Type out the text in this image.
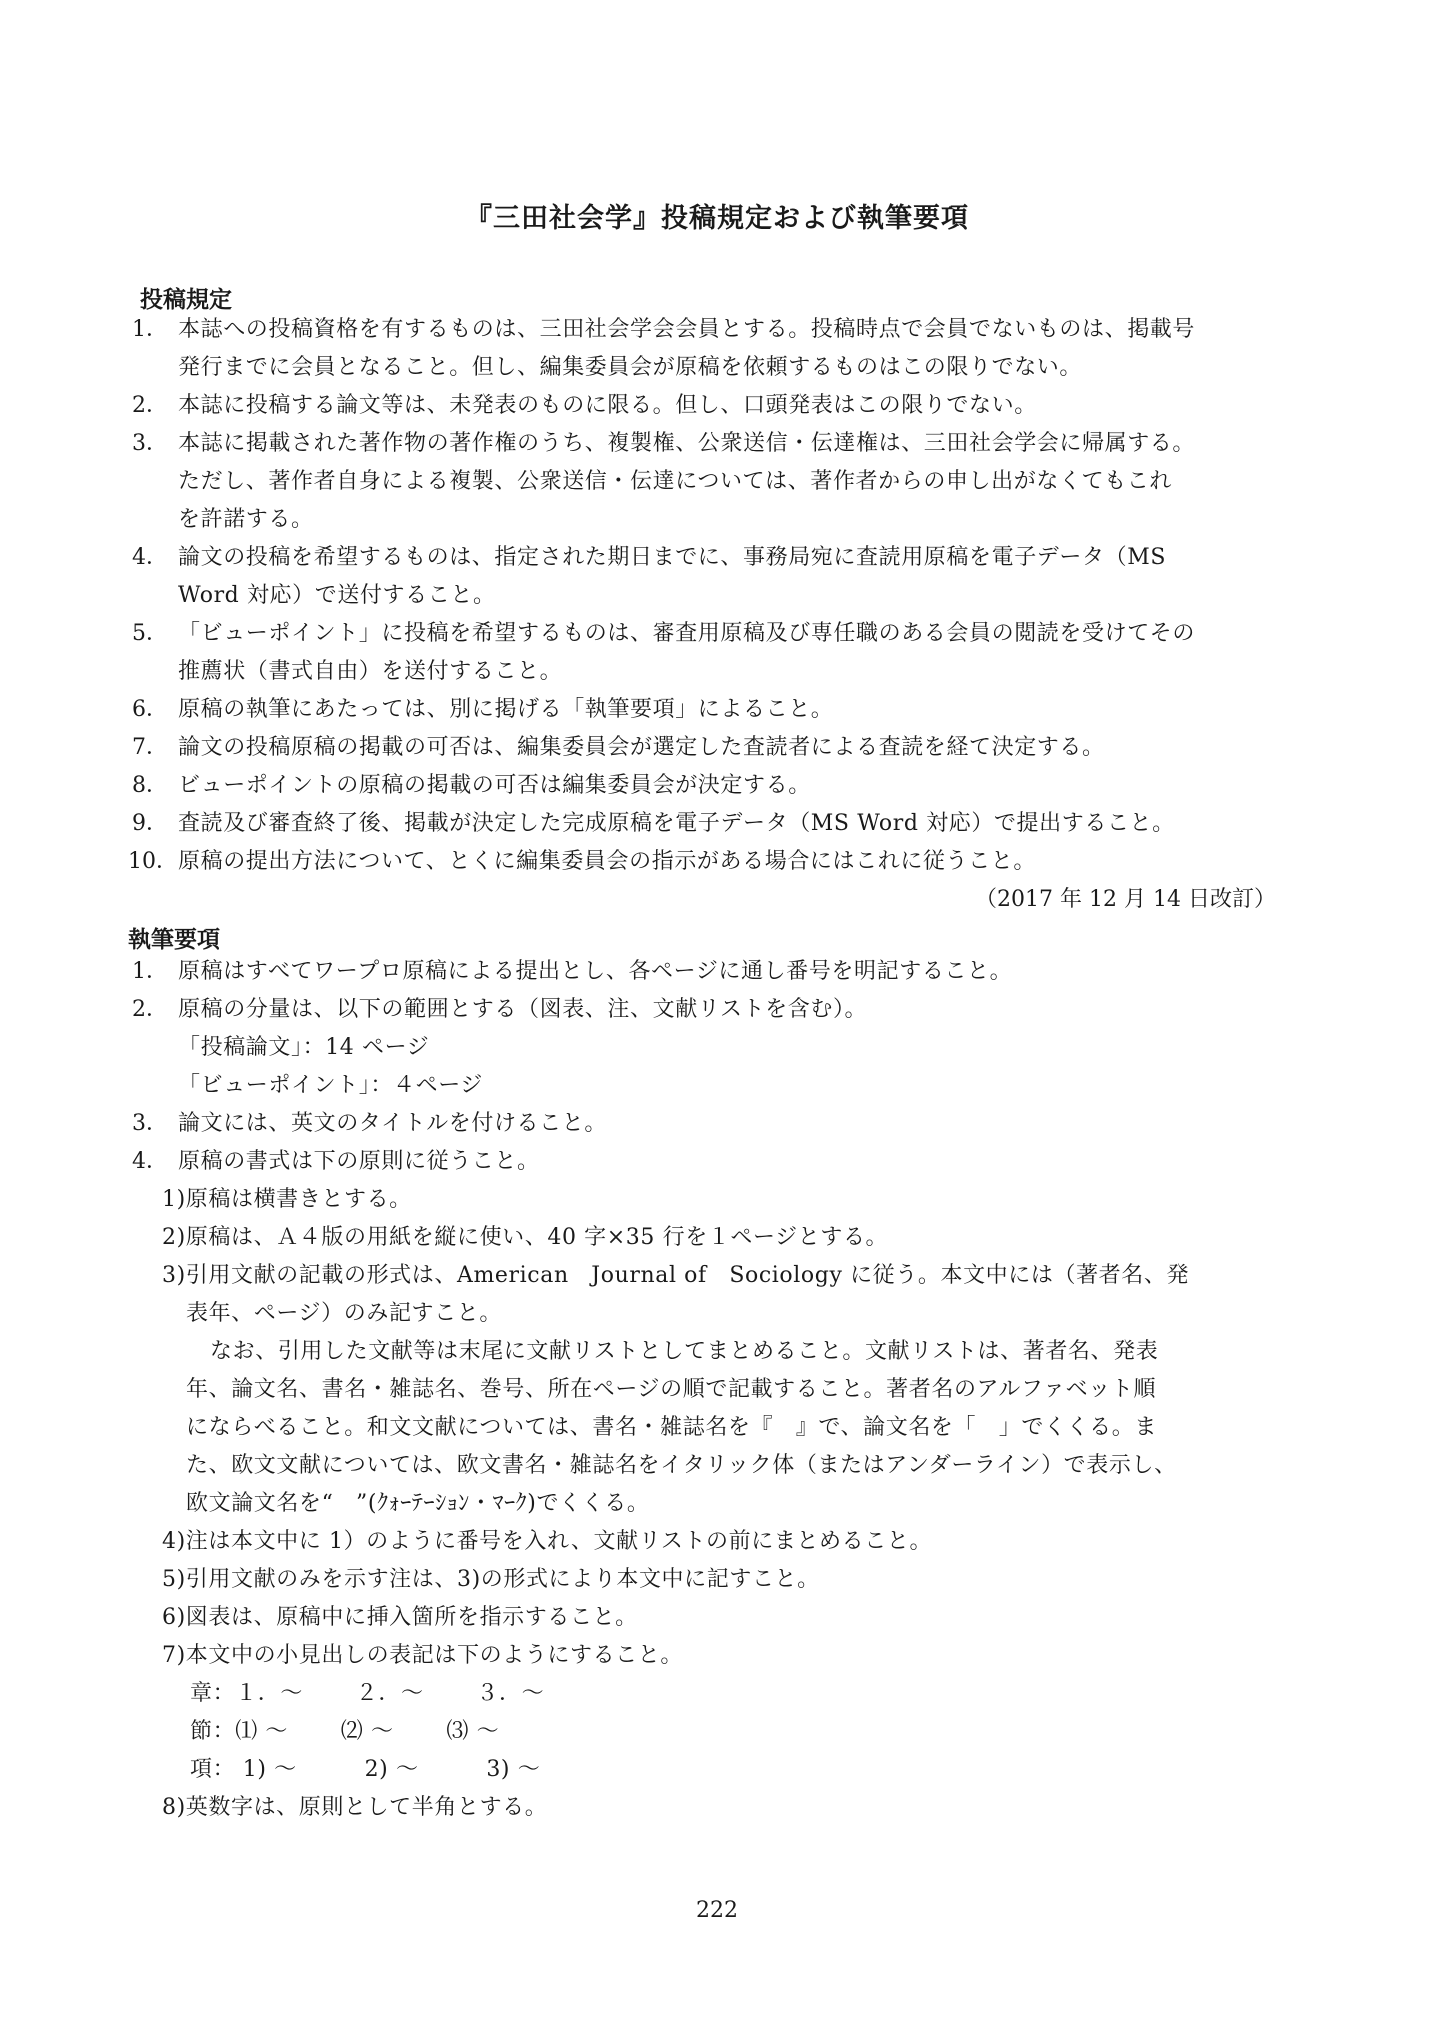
『三田社会学』投稿規定および執筆要項
投稿規定
1． 本誌への投稿資格を有するものは、三田社会学会会員とする。投稿時点で会員でないものは、掲載号
発行までに会員となること。但し、編集委員会が原稿を依頼するものはこの限りでない。
2． 本誌に投稿する論文等は、未発表のものに限る。但し、口頭発表はこの限りでない。
3． 本誌に掲載された著作物の著作権のうち、複製権、公衆送信・伝達権は、三田社会学会に帰属する。
ただし、著作者自身による複製、公衆送信・伝達については、著作者からの申し出がなくてもこれ
を許諾する。
4． 論文の投稿を希望するものは、指定された期日までに、事務局宛に査読用原稿を電子データ（MS
Word 対応）で送付すること。
5． 「ビューポイント」に投稿を希望するものは、審査用原稿及び専任職のある会員の閲読を受けてその
推薦状（書式自由）を送付すること。
6． 原稿の執筆にあたっては、別に掲げる「執筆要項」によること。
7． 論文の投稿原稿の掲載の可否は、編集委員会が選定した査読者による査読を経て決定する。
8． ビューポイントの原稿の掲載の可否は編集委員会が決定する。
9． 査読及び審査終了後、掲載が決定した完成原稿を電子データ（MS Word 対応）で提出すること。
10． 原稿の提出方法について、とくに編集委員会の指示がある場合にはこれに従うこと。
（2017 年 12 月 14 日改訂）
執筆要項
1． 原稿はすべてワープロ原稿による提出とし、各ページに通し番号を明記すること。
2． 原稿の分量は、以下の範囲とする（図表、注、文献リストを含む）。
「投稿論文」：14 ページ
「ビューポイント」：４ページ
3． 論文には、英文のタイトルを付けること。
4． 原稿の書式は下の原則に従うこと。
1)原稿は横書きとする。
2)原稿は、Ａ４版の用紙を縦に使い、40 字×35 行を１ページとする。
3)引用文献の記載の形式は、American　Journal of　Sociology に従う。本文中には（著者名、発
表年、ページ）のみ記すこと。
なお、引用した文献等は末尾に文献リストとしてまとめること。文献リストは、著者名、発表
年、論文名、書名・雑誌名、巻号、所在ページの順で記載すること。著者名のアルファベット順
にならべること。和文文献については、書名・雑誌名を『　』で、論文名を「　」でくくる。ま
た、欧文文献については、欧文書名・雑誌名をイタリック体（またはアンダーライン）で表示し、
欧文論文名を“　”(ｸｫｰﾃｰｼｮﾝ・ﾏｰｸ)でくくる。
4)注は本文中に 1）のように番号を入れ、文献リストの前にまとめること。
5)引用文献のみを示す注は、3)の形式により本文中に記すこと。
6)図表は、原稿中に挿入箇所を指示すること。
7)本文中の小見出しの表記は下のようにすること。
章：１．～　　 ２．～　　 ３．～
節：⑴ ～　　 ⑵ ～　　 ⑶ ～
項： 1) ～　　　2) ～　　　3) ～
8)英数字は、原則として半角とする。
222
